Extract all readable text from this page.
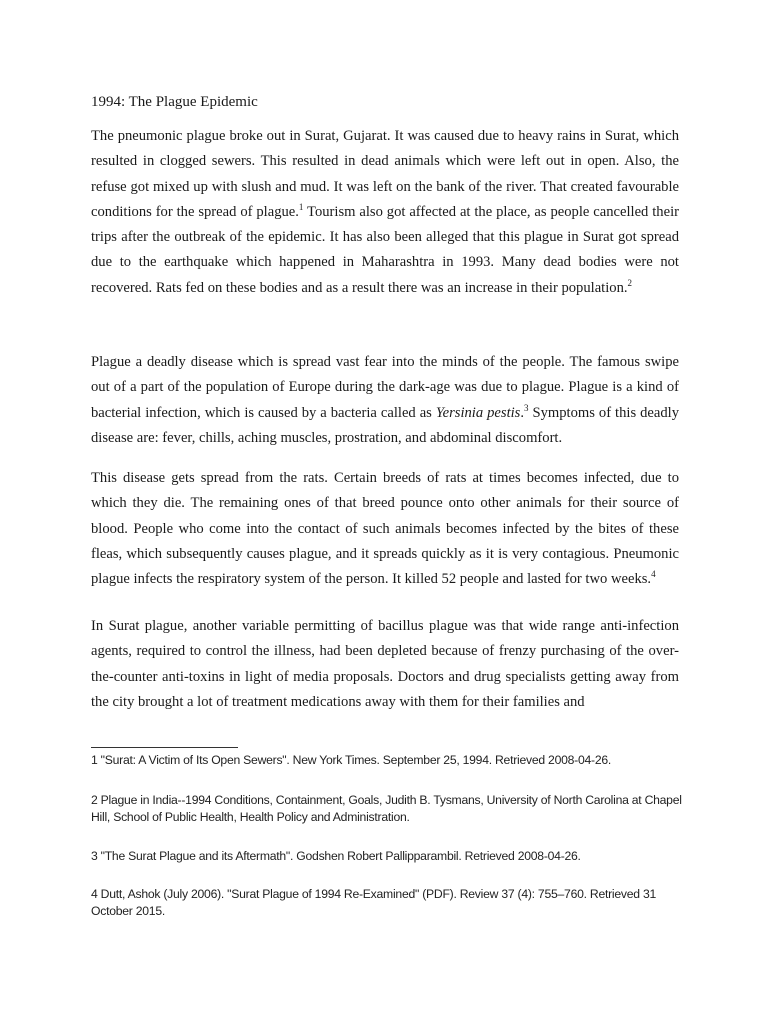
1994: The Plague Epidemic

The pneumonic plague broke out in Surat, Gujarat. It was caused due to heavy rains in Surat, which resulted in clogged sewers. This resulted in dead animals which were left out in open. Also, the refuse got mixed up with slush and mud. It was left on the bank of the river. That created favourable conditions for the spread of plague.$^1$ Tourism also got affected at the place, as people cancelled their trips after the outbreak of the epidemic. It has also been alleged that this plague in Surat got spread due to the earthquake which happened in Maharashtra in 1993. Many dead bodies were not recovered. Rats fed on these bodies and as a result there was an increase in their population.$^2$

Plague a deadly disease which is spread vast fear into the minds of the people. The famous swipe out of a part of the population of Europe during the dark-age was due to plague. Plague is a kind of bacterial infection, which is caused by a bacteria called as Yersinia pestis.$^3$ Symptoms of this deadly disease are: fever, chills, aching muscles, prostration, and abdominal discomfort.

This disease gets spread from the rats. Certain breeds of rats at times becomes infected, due to which they die. The remaining ones of that breed pounce onto other animals for their source of blood. People who come into the contact of such animals becomes infected by the bites of these fleas, which subsequently causes plague, and it spreads quickly as it is very contagious. Pneumonic plague infects the respiratory system of the person. It killed 52 people and lasted for two weeks.$^4$

In Surat plague, another variable permitting of bacillus plague was that wide range anti-infection agents, required to control the illness, had been depleted because of frenzy purchasing of the over-the-counter anti-toxins in light of media proposals. Doctors and drug specialists getting away from the city brought a lot of treatment medications away with them for their families and

1 "Surat: A Victim of Its Open Sewers". New York Times. September 25, 1994. Retrieved 2008-04-26.

2 Plague in India--1994 Conditions, Containment, Goals, Judith B. Tysmans, University of North Carolina at Chapel Hill, School of Public Health, Health Policy and Administration.

3 "The Surat Plague and its Aftermath". Godshen Robert Pallipparambil. Retrieved 2008-04-26.

4 Dutt, Ashok (July 2006). "Surat Plague of 1994 Re-Examined" (PDF). Review 37 (4): 755–760. Retrieved 31 October 2015.
